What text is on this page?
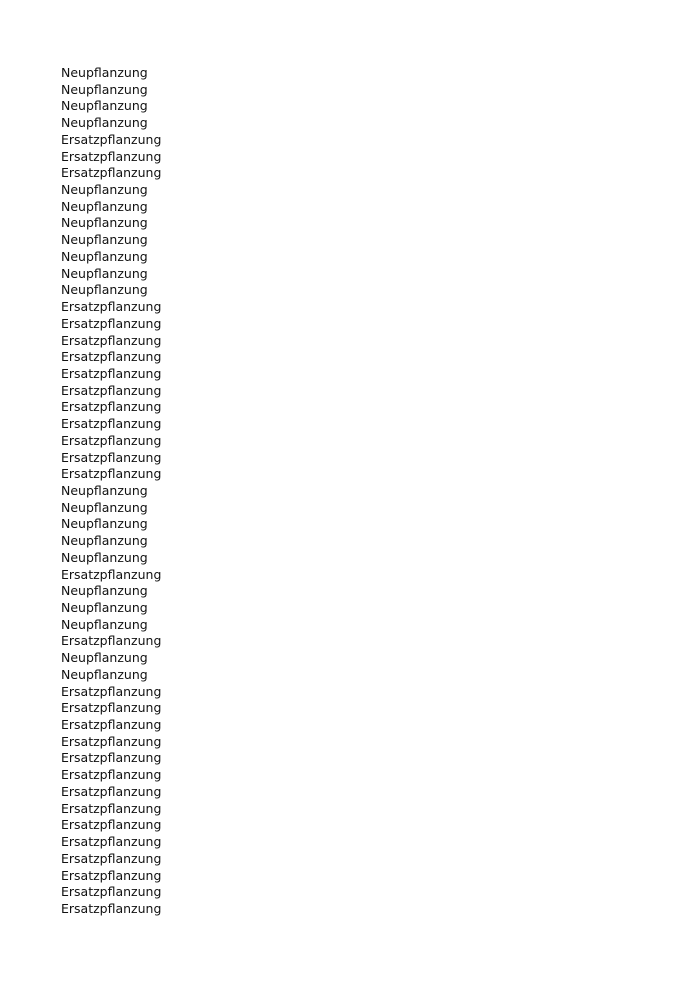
Neupflanzung
Neupflanzung
Neupflanzung
Neupflanzung
Ersatzpflanzung
Ersatzpflanzung
Ersatzpflanzung
Neupflanzung
Neupflanzung
Neupflanzung
Neupflanzung
Neupflanzung
Neupflanzung
Neupflanzung
Ersatzpflanzung
Ersatzpflanzung
Ersatzpflanzung
Ersatzpflanzung
Ersatzpflanzung
Ersatzpflanzung
Ersatzpflanzung
Ersatzpflanzung
Ersatzpflanzung
Ersatzpflanzung
Ersatzpflanzung
Neupflanzung
Neupflanzung
Neupflanzung
Neupflanzung
Neupflanzung
Ersatzpflanzung
Neupflanzung
Neupflanzung
Neupflanzung
Ersatzpflanzung
Neupflanzung
Neupflanzung
Ersatzpflanzung
Ersatzpflanzung
Ersatzpflanzung
Ersatzpflanzung
Ersatzpflanzung
Ersatzpflanzung
Ersatzpflanzung
Ersatzpflanzung
Ersatzpflanzung
Ersatzpflanzung
Ersatzpflanzung
Ersatzpflanzung
Ersatzpflanzung
Ersatzpflanzung
